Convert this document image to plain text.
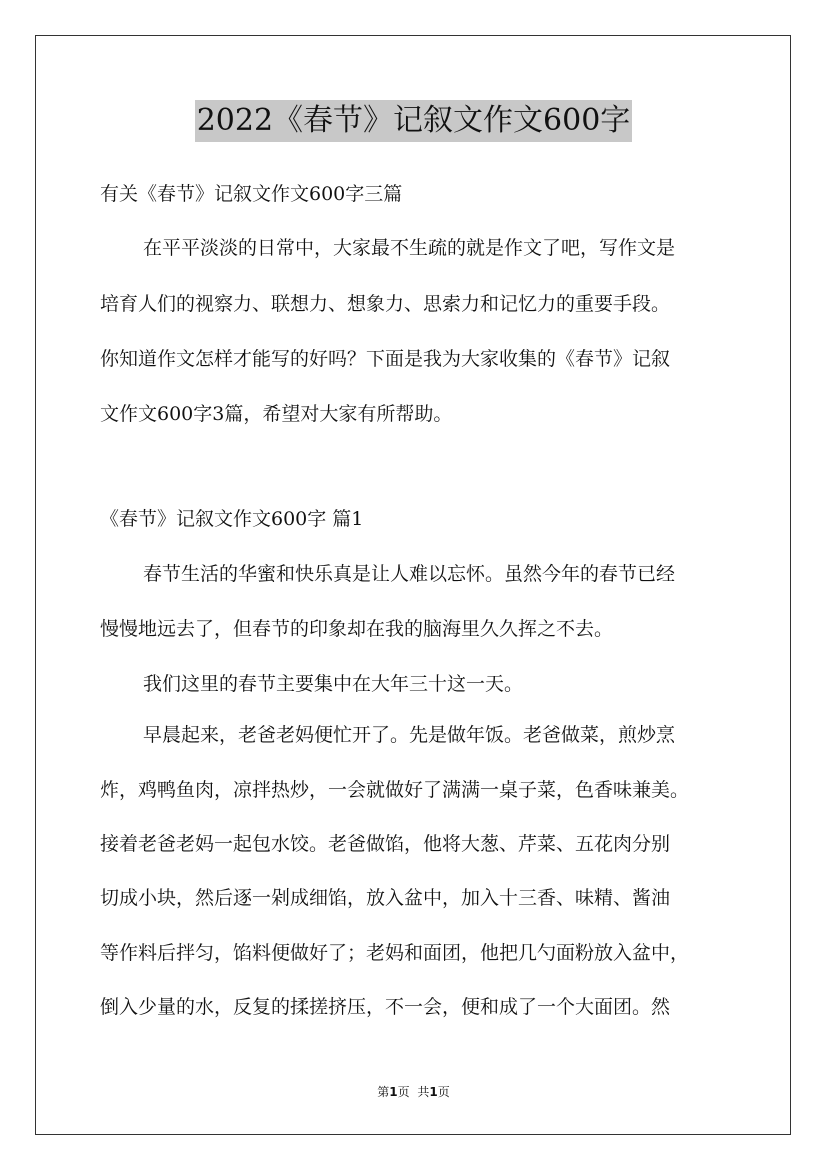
2022《春节》记叙文作文600字
有关《春节》记叙文作文600字三篇
在平平淡淡的日常中，大家最不生疏的就是作文了吧，写作文是
培育人们的视察力、联想力、想象力、思索力和记忆力的重要手段。
你知道作文怎样才能写的好吗？下面是我为大家收集的《春节》记叙
文作文600字3篇，希望对大家有所帮助。
《春节》记叙文作文600字 篇1
春节生活的华蜜和快乐真是让人难以忘怀。虽然今年的春节已经
慢慢地远去了，但春节的印象却在我的脑海里久久挥之不去。
我们这里的春节主要集中在大年三十这一天。
早晨起来，老爸老妈便忙开了。先是做年饭。老爸做菜，煎炒烹
炸，鸡鸭鱼肉，凉拌热炒，一会就做好了满满一桌子菜，色香味兼美。
接着老爸老妈一起包水饺。老爸做馅，他将大葱、芹菜、五花肉分别
切成小块，然后逐一剁成细馅，放入盆中，加入十三香、味精、酱油
等作料后拌匀，馅料便做好了；老妈和面团，他把几勺面粉放入盆中，
倒入少量的水，反复的揉搓挤压，不一会，便和成了一个大面团。然
第1页 共1页
